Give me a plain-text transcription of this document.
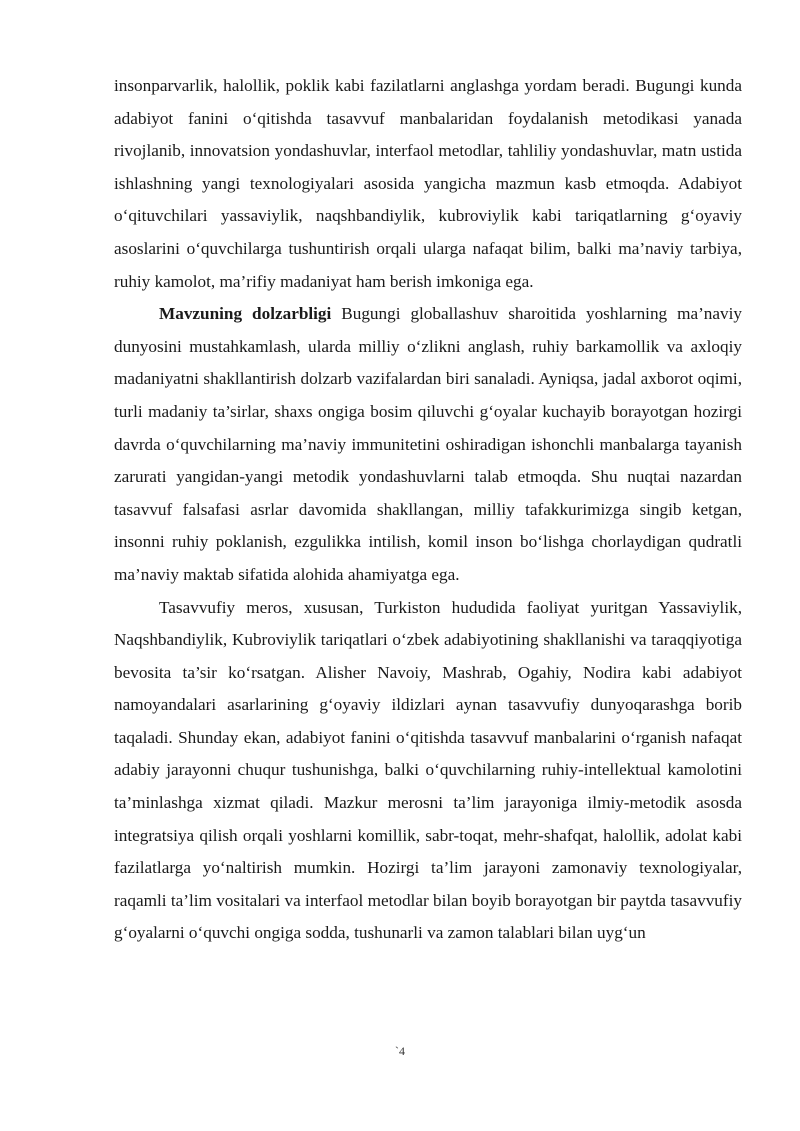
insonparvarlik, halollik, poklik kabi fazilatlarni anglashga yordam beradi. Bugungi kunda adabiyot fanini o‘qitishda tasavvuf manbalaridan foydalanish metodikasi yanada rivojlanib, innovatsion yondashuvlar, interfaol metodlar, tahliliy yondashuvlar, matn ustida ishlashning yangi texnologiyalari asosida yangicha mazmun kasb etmoqda. Adabiyot o‘qituvchilari yassaviylik, naqshbandiylik, kubroviylik kabi tariqatlarning g‘oyaviy asoslarini o‘quvchilarga tushuntirish orqali ularga nafaqat bilim, balki ma’naviy tarbiya, ruhiy kamolot, ma’rifiy madaniyat ham berish imkoniga ega.

Mavzuning dolzarbligi Bugungi globallashuv sharoitida yoshlarning ma’naviy dunyosini mustahkamlash, ularda milliy o‘zlikni anglash, ruhiy barkamollik va axloqiy madaniyatni shakllantirish dolzarb vazifalardan biri sanaladi. Ayniqsa, jadal axborot oqimi, turli madaniy ta’sirlar, shaxs ongiga bosim qiluvchi g‘oyalar kuchayib borayotgan hozirgi davrda o‘quvchilarning ma’naviy immunitetini oshiradigan ishonchli manbalarga tayanish zarurati yangidan-yangi metodik yondashuvlarni talab etmoqda. Shu nuqtai nazardan tasavvuf falsafasi asrlar davomida shakllangan, milliy tafakkurimizga singib ketgan, insonni ruhiy poklanish, ezgulikka intilish, komil inson bo‘lishga chorlaydigan qudratli ma’naviy maktab sifatida alohida ahamiyatga ega.

Tasavvufiy meros, xususan, Turkiston hududida faoliyat yuritgan Yassaviylik, Naqshbandiylik, Kubroviylik tariqatlari o‘zbek adabiyotining shakllanishi va taraqqiyotiga bevosita ta’sir ko‘rsatgan. Alisher Navoiy, Mashrab, Ogahiy, Nodira kabi adabiyot namoyandalari asarlarining g‘oyaviy ildizlari aynan tasavvufiy dunyoqarashga borib taqaladi. Shunday ekan, adabiyot fanini o‘qitishda tasavvuf manbalarini o‘rganish nafaqat adabiy jarayonni chuqur tushunishga, balki o‘quvchilarning ruhiy-intellektual kamolotini ta’minlashga xizmat qiladi. Mazkur merosni ta’lim jarayoniga ilmiy-metodik asosda integratsiya qilish orqali yoshlarni komillik, sabr-toqat, mehr-shafqat, halollik, adolat kabi fazilatlarga yo‘naltirish mumkin. Hozirgi ta’lim jarayoni zamonaviy texnologiyalar, raqamli ta’lim vositalari va interfaol metodlar bilan boyib borayotgan bir paytda tasavvufiy g‘oyalarni o‘quvchi ongiga sodda, tushunarli va zamon talablari bilan uyg‘un

`4
